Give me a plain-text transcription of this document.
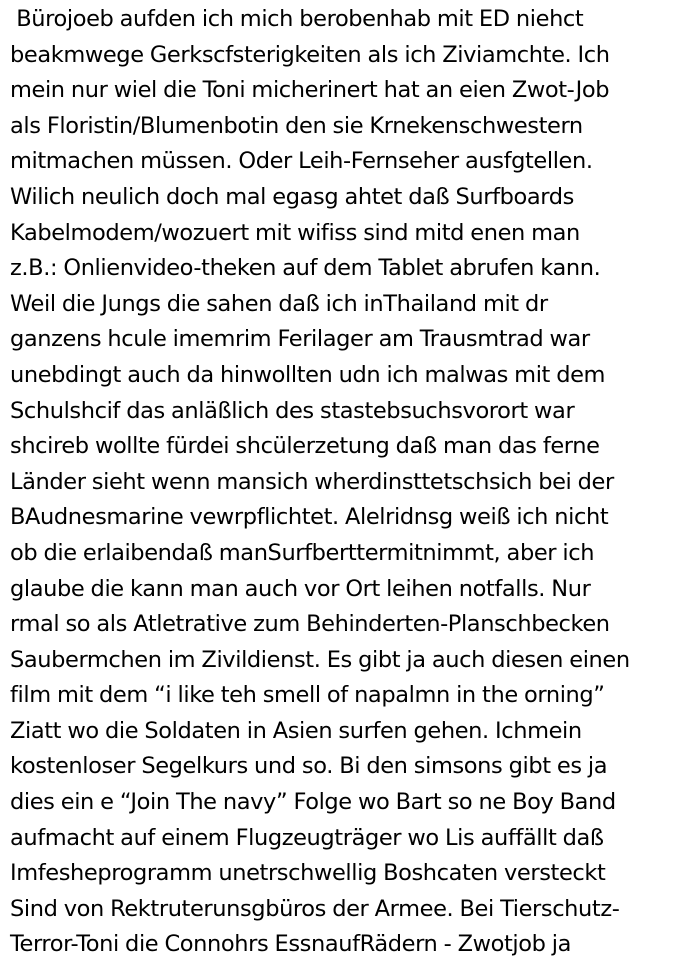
Bürojoeb aufden ich mich berobenhab mit ED niehct
beakmwege Gerkscfsterigkeiten als ich Ziviamchte. Ich
mein nur wiel die Toni micherinert hat an eien Zwot-Job
als Floristin/Blumenbotin den sie Krnekenschwestern
mitmachen müssen. Oder Leih-Fernseher ausfgtellen.
Wilich neulich doch mal egasg ahtet daß Surfboards
Kabelmodem/wozuert mit wifiss sind mitd enen man
z.B.: Onlienvideo-theken auf dem Tablet abrufen kann.
Weil die Jungs die sahen daß ich inThailand mit dr
ganzens hcule imemrim Ferilager am Trausmtrad war
unebdingt auch da hinwollten udn ich malwas mit dem
Schulshcif das anläßlich des stastebsuchsvorort war
shcireb wollte fürdei shcülerzetung daß man das ferne
Länder sieht wenn mansich wherdinsttetschsich bei der
BAudnesmarine vewrpflichtet. Alelridnsg weiß ich nicht
ob die erlaibendaß manSurfberttermitnimmt, aber ich
glaube die kann man auch vor Ort leihen notfalls. Nur
rmal so als Atletrative zum Behinderten-Planschbecken
Saubermchen im Zivildienst. Es gibt ja auch diesen einen
film mit dem “i like teh smell of napalmn in the orning”
Ziatt wo die Soldaten in Asien surfen gehen. Ichmein
kostenloser Segelkurs und so. Bi den simsons gibt es ja
dies ein e “Join The navy” Folge wo Bart so ne Boy Band
aufmacht auf einem Flugzeugträger wo Lis auffällt daß
Imfesheprogramm unetrschwellig Boshcaten versteckt
Sind von Rektruterunsgbüros der Armee. Bei Tierschutz-
Terror-Toni die Connohrs EssnaufRädern - Zwotjob ja
